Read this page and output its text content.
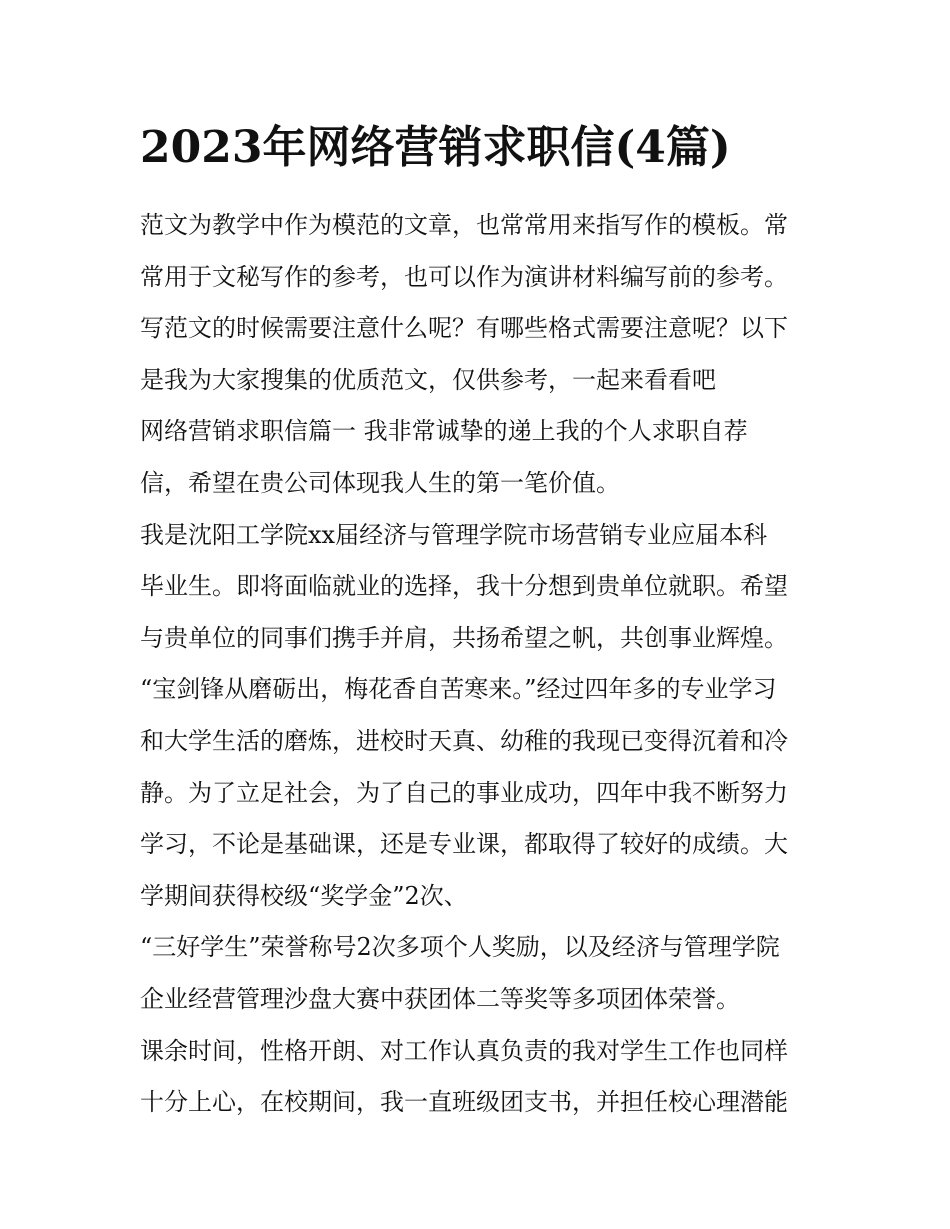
2023年网络营销求职信(4篇)
范文为教学中作为模范的文章，也常常用来指写作的模板。常
常用于文秘写作的参考，也可以作为演讲材料编写前的参考。
写范文的时候需要注意什么呢？有哪些格式需要注意呢？以下
是我为大家搜集的优质范文，仅供参考，一起来看看吧
网络营销求职信篇一 我非常诚挚的递上我的个人求职自荐
信，希望在贵公司体现我人生的第一笔价值。
我是沈阳工学院xx届经济与管理学院市场营销专业应届本科
毕业生。即将面临就业的选择，我十分想到贵单位就职。希望
与贵单位的同事们携手并肩，共扬希望之帆，共创事业辉煌。
“宝剑锋从磨砺出，梅花香自苦寒来。”经过四年多的专业学习
和大学生活的磨炼，进校时天真、幼稚的我现已变得沉着和冷
静。为了立足社会，为了自己的事业成功，四年中我不断努力
学习，不论是基础课，还是专业课，都取得了较好的成绩。大
学期间获得校级“奖学金”2次、
“三好学生”荣誉称号2次多项个人奖励，以及经济与管理学院
企业经营管理沙盘大赛中获团体二等奖等多项团体荣誉。
课余时间，性格开朗、对工作认真负责的我对学生工作也同样
十分上心，在校期间，我一直班级团支书，并担任校心理潜能
